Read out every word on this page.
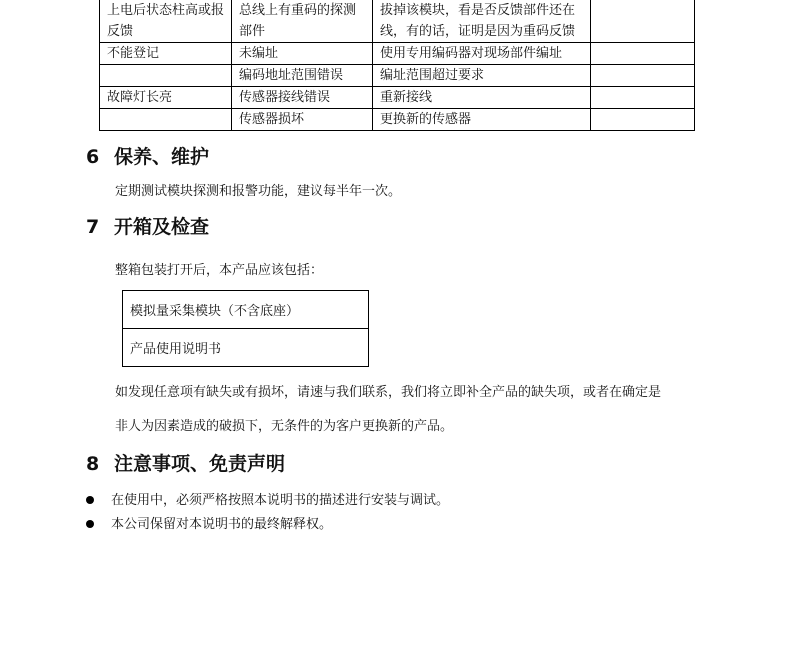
上电后状态柱高或报反馈	总线上有重码的探测部件	拔掉该模块，看是否反馈部件还在线，有的话，证明是因为重码反馈	
不能登记	未编址	使用专用编码器对现场部件编址	
	编码地址范围错误	编址范围超过要求	
故障灯长亮	传感器接线错误	重新接线	
	传感器损坏	更换新的传感器	
6 保养、维护
定期测试模块探测和报警功能，建议每半年一次。
7 开箱及检查
整箱包装打开后，本产品应该包括：
模拟量采集模块（不含底座）
产品使用说明书
如发现任意项有缺失或有损坏，请速与我们联系，我们将立即补全产品的缺失项，或者在确定是
非人为因素造成的破损下，无条件的为客户更换新的产品。
8 注意事项、免责声明
在使用中，必须严格按照本说明书的描述进行安装与调试。
本公司保留对本说明书的最终解释权。
